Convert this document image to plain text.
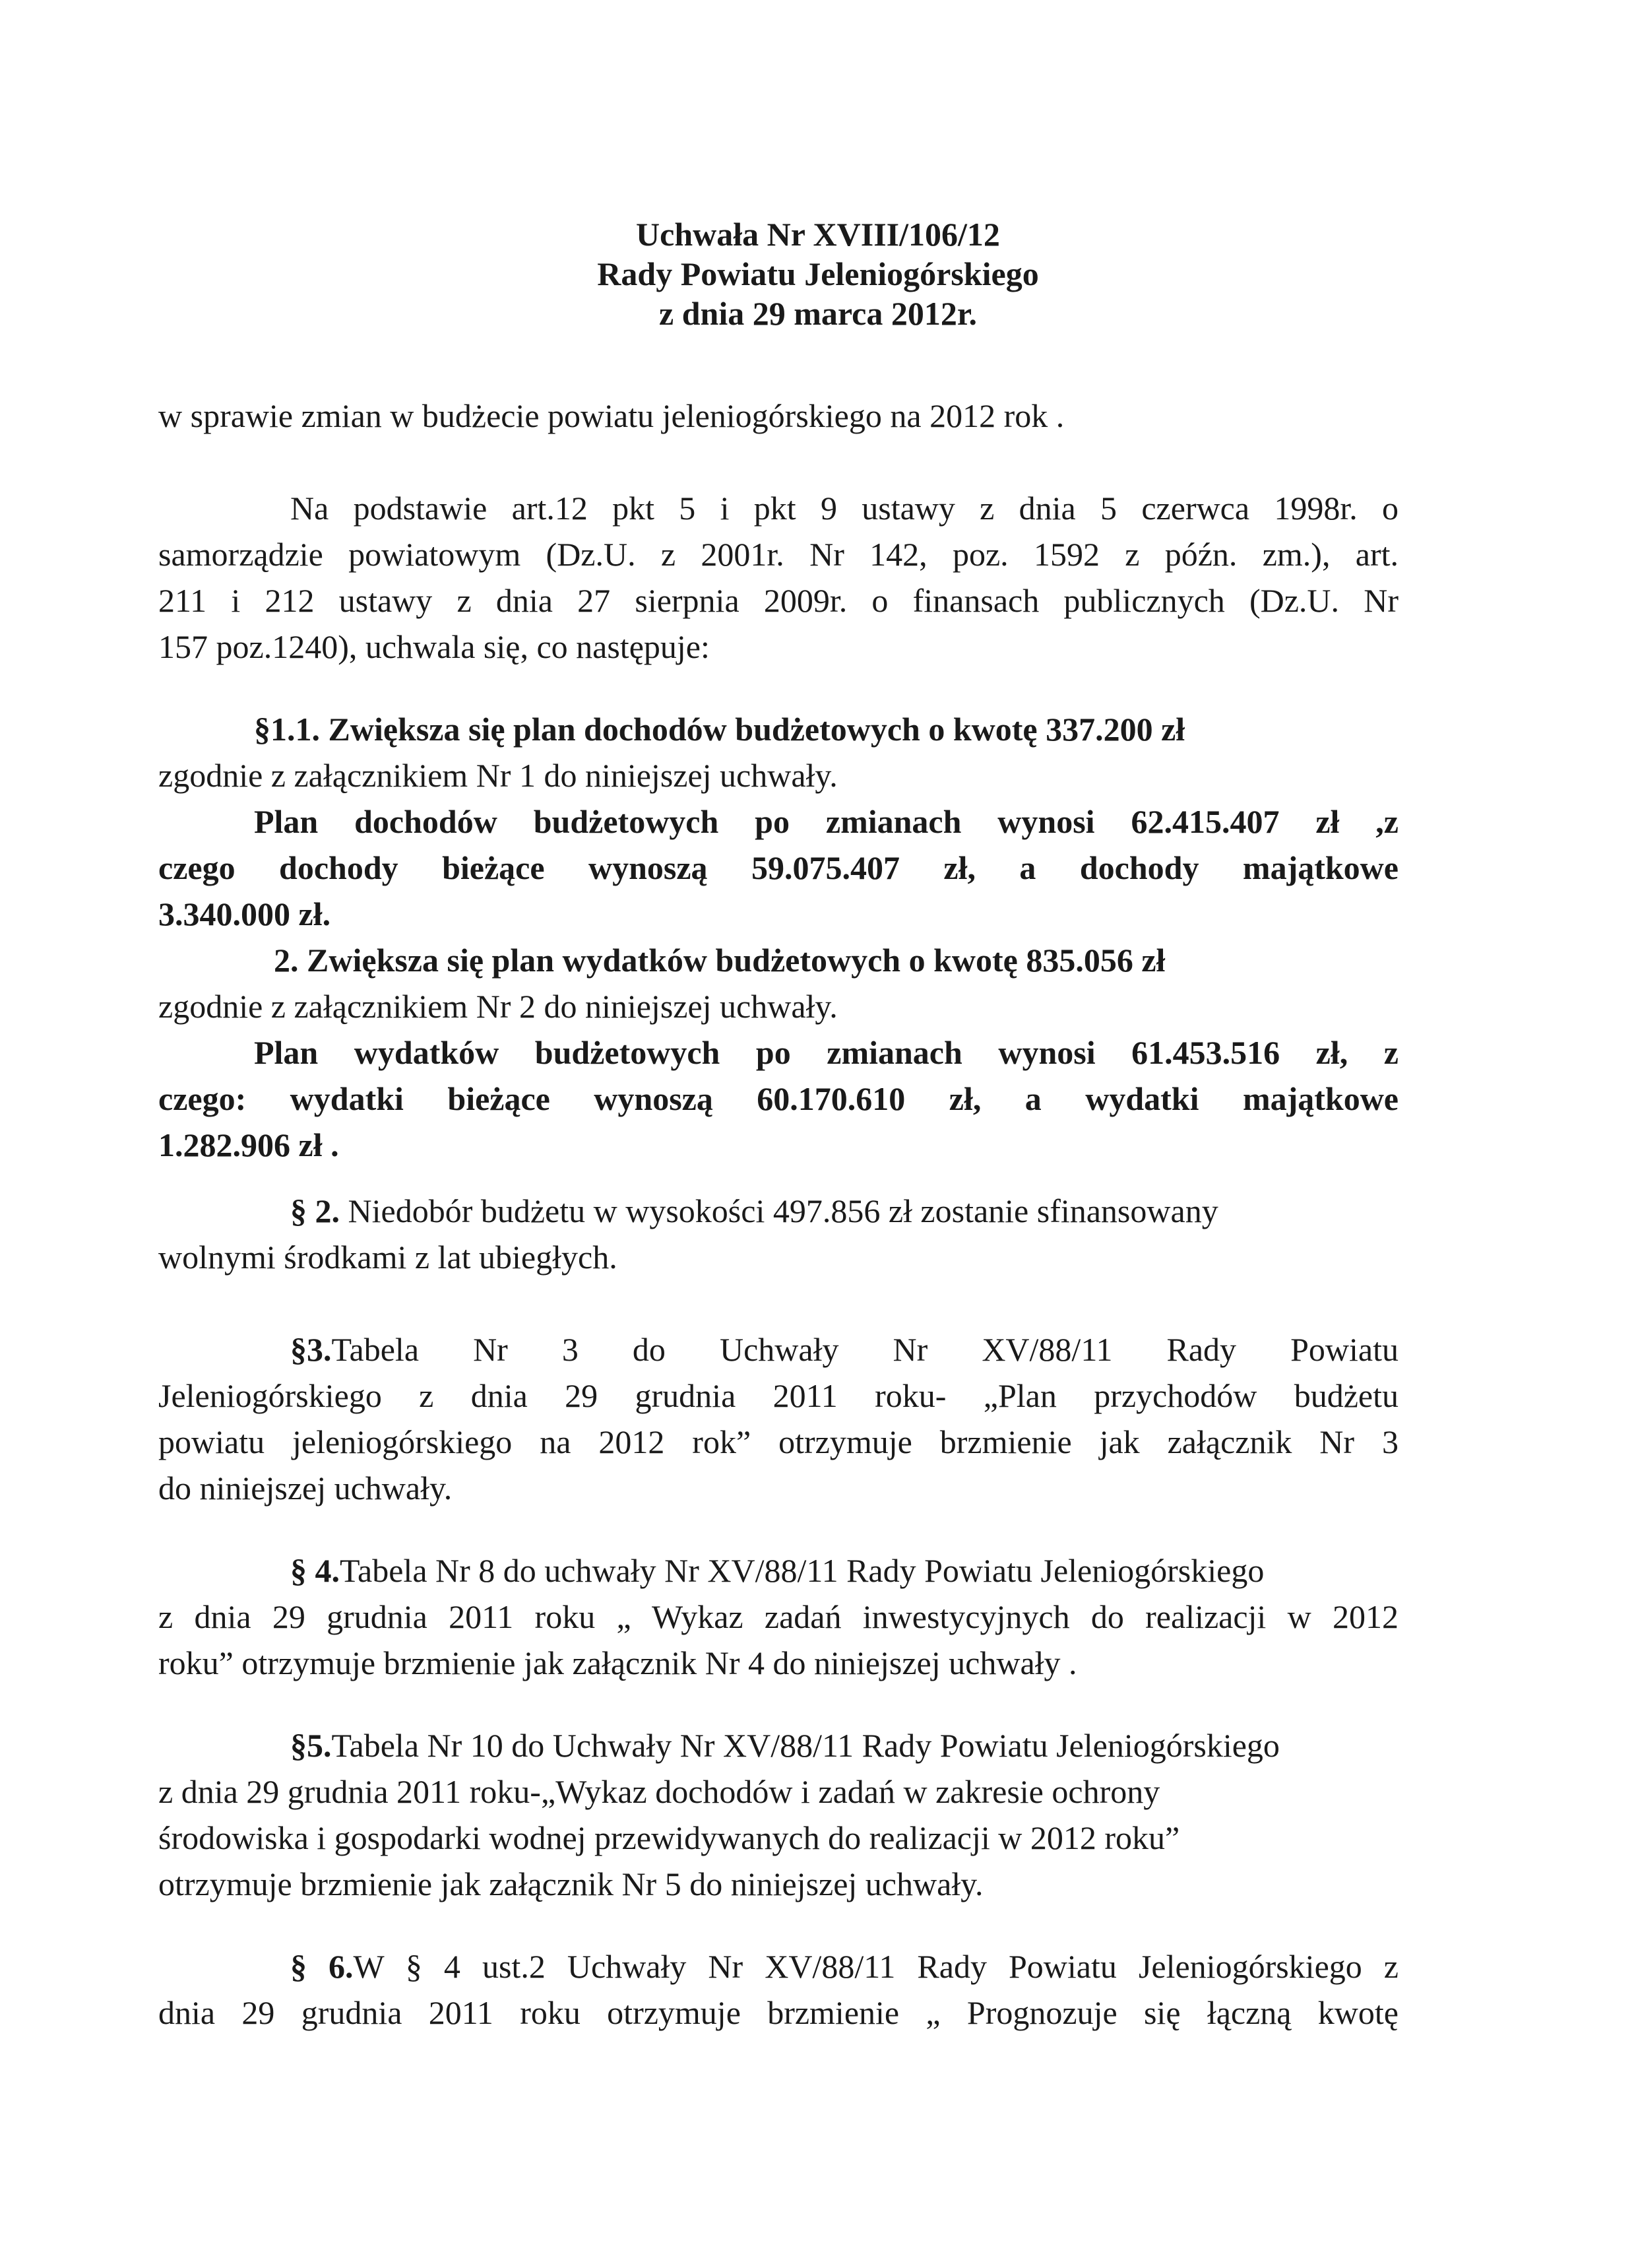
Uchwała Nr XVIII/106/12
Rady Powiatu Jeleniogórskiego
z dnia 29 marca 2012r.
w sprawie zmian w budżecie powiatu jeleniogórskiego na 2012 rok .
Na podstawie art.12 pkt 5 i pkt 9 ustawy z dnia 5 czerwca 1998r. o
samorządzie powiatowym (Dz.U. z 2001r. Nr 142, poz. 1592 z późn. zm.), art.
211 i 212 ustawy z dnia 27 sierpnia 2009r. o finansach publicznych (Dz.U. Nr
157 poz.1240), uchwala się, co następuje:
§1.1. Zwiększa się plan dochodów budżetowych o kwotę 337.200 zł
zgodnie z załącznikiem Nr 1 do niniejszej uchwały.
Plan dochodów budżetowych po zmianach wynosi 62.415.407 zł ,z
czego dochody bieżące wynoszą 59.075.407 zł, a dochody majątkowe
3.340.000 zł.
2. Zwiększa się plan wydatków budżetowych o kwotę 835.056 zł
zgodnie z załącznikiem Nr 2 do niniejszej uchwały.
Plan wydatków budżetowych po zmianach wynosi 61.453.516 zł, z
czego: wydatki bieżące wynoszą 60.170.610 zł, a wydatki majątkowe
1.282.906 zł .
§ 2. Niedobór budżetu w wysokości 497.856 zł zostanie sfinansowany
wolnymi środkami z lat ubiegłych.
§3.Tabela Nr 3 do Uchwały Nr XV/88/11 Rady Powiatu
Jeleniogórskiego z dnia 29 grudnia 2011 roku- „Plan przychodów budżetu
powiatu jeleniogórskiego na 2012 rok” otrzymuje brzmienie jak załącznik Nr 3
do niniejszej uchwały.
§ 4.Tabela Nr 8 do uchwały Nr XV/88/11 Rady Powiatu Jeleniogórskiego
z dnia 29 grudnia 2011 roku „ Wykaz zadań inwestycyjnych do realizacji w 2012
roku” otrzymuje brzmienie jak załącznik Nr 4 do niniejszej uchwały .
§5.Tabela Nr 10 do Uchwały Nr XV/88/11 Rady Powiatu Jeleniogórskiego
z dnia 29 grudnia 2011 roku-„Wykaz dochodów i zadań w zakresie ochrony
środowiska i gospodarki wodnej przewidywanych do realizacji w 2012 roku”
otrzymuje brzmienie jak załącznik Nr 5 do niniejszej uchwały.
§ 6.W § 4 ust.2 Uchwały Nr XV/88/11 Rady Powiatu Jeleniogórskiego z
dnia 29 grudnia 2011 roku otrzymuje brzmienie „ Prognozuje się łączną kwotę
